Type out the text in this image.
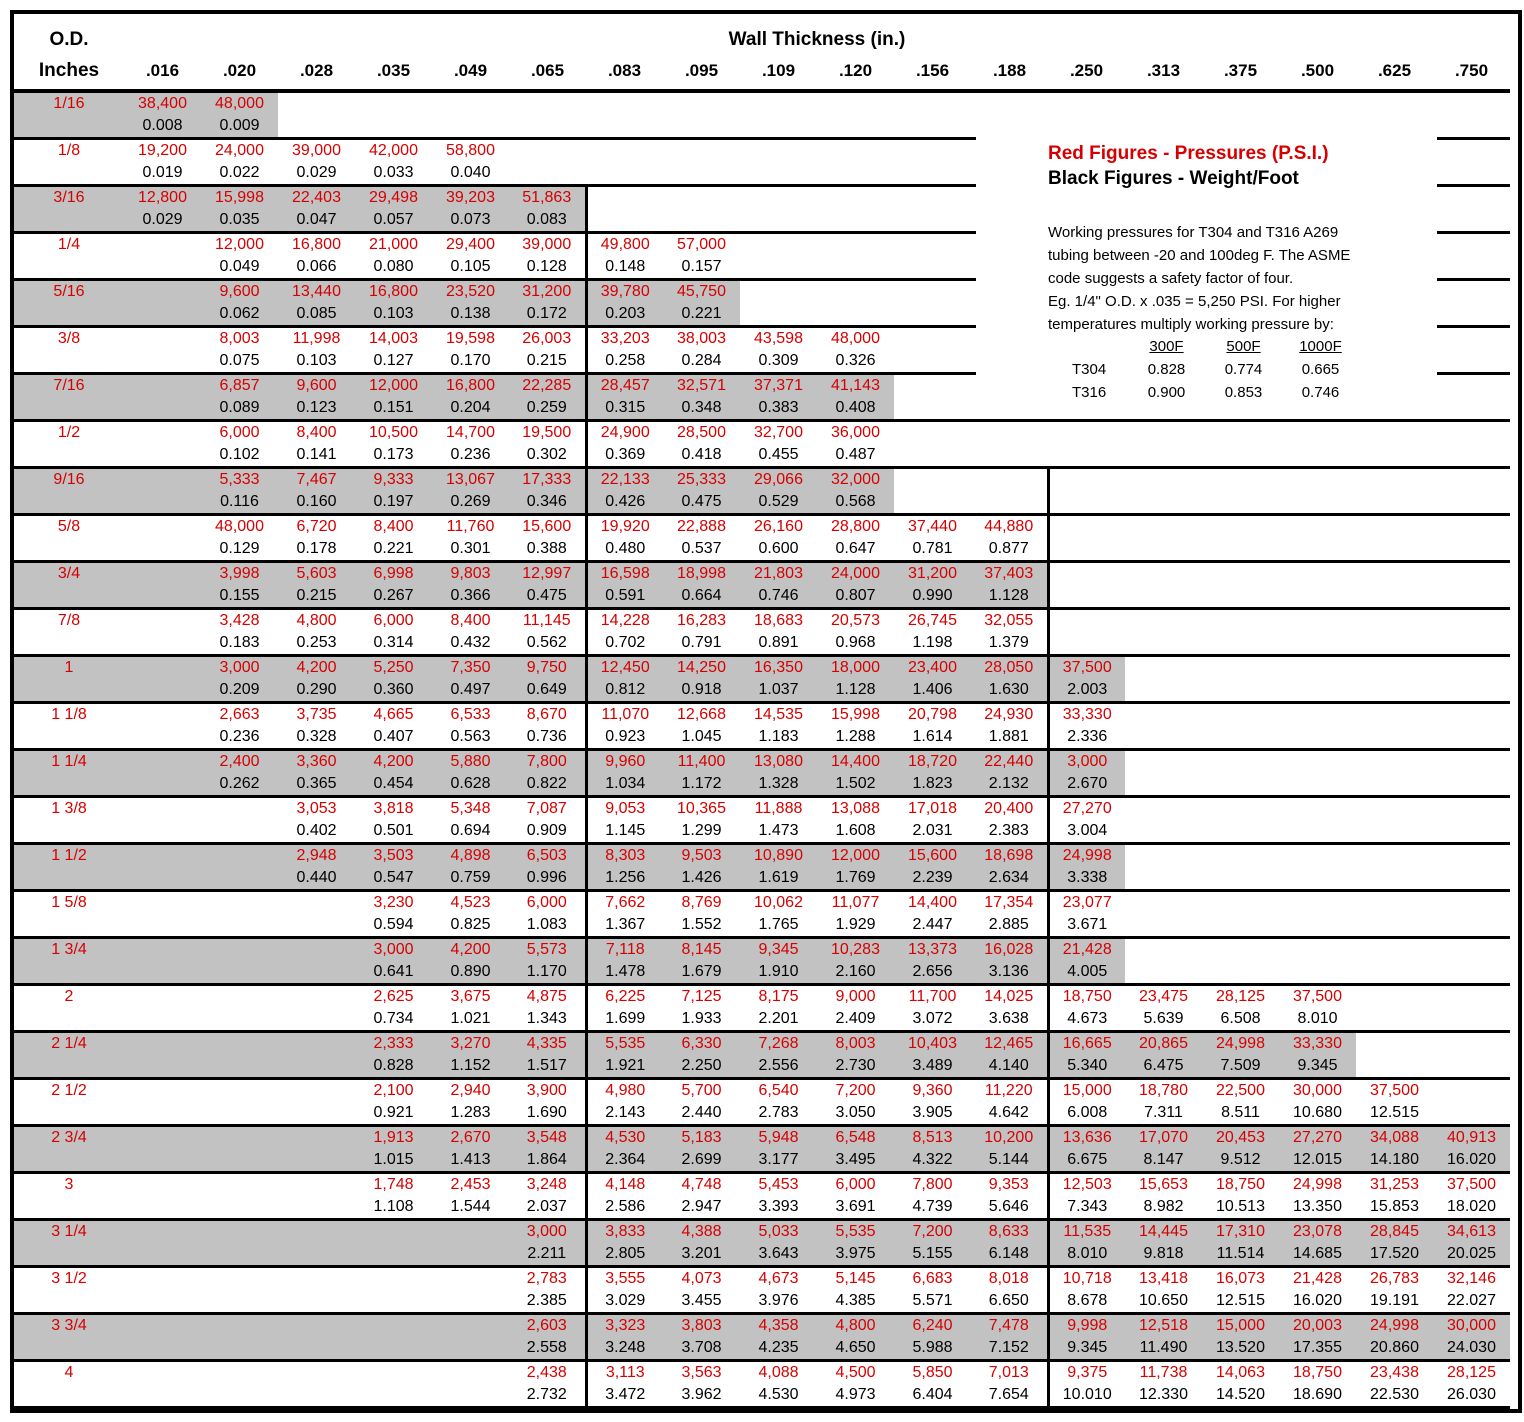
O.D.	Wall Thickness (in.)																	
Inches	.016	.020	.028	.035	.049	.065	.083	.095	.109	.120	.156	.188	.250	.313	.375	.500	.625	.750
1/16	38,400	48,000																
	0.008	0.009																
1/8	19,200	24,000	39,000	42,000	58,800													
	0.019	0.022	0.029	0.033	0.040													
3/16	12,800	15,998	22,403	29,498	39,203	51,863												
	0.029	0.035	0.047	0.057	0.073	0.083												
1/4		12,000	16,800	21,000	29,400	39,000	49,800	57,000										
		0.049	0.066	0.080	0.105	0.128	0.148	0.157										
5/16		9,600	13,440	16,800	23,520	31,200	39,780	45,750										
		0.062	0.085	0.103	0.138	0.172	0.203	0.221										
3/8		8,003	11,998	14,003	19,598	26,003	33,203	38,003	43,598	48,000								
		0.075	0.103	0.127	0.170	0.215	0.258	0.284	0.309	0.326								
7/16		6,857	9,600	12,000	16,800	22,285	28,457	32,571	37,371	41,143								
		0.089	0.123	0.151	0.204	0.259	0.315	0.348	0.383	0.408								
1/2		6,000	8,400	10,500	14,700	19,500	24,900	28,500	32,700	36,000								
		0.102	0.141	0.173	0.236	0.302	0.369	0.418	0.455	0.487								
9/16		5,333	7,467	9,333	13,067	17,333	22,133	25,333	29,066	32,000								
		0.116	0.160	0.197	0.269	0.346	0.426	0.475	0.529	0.568								
5/8		48,000	6,720	8,400	11,760	15,600	19,920	22,888	26,160	28,800	37,440	44,880						
		0.129	0.178	0.221	0.301	0.388	0.480	0.537	0.600	0.647	0.781	0.877						
3/4		3,998	5,603	6,998	9,803	12,997	16,598	18,998	21,803	24,000	31,200	37,403						
		0.155	0.215	0.267	0.366	0.475	0.591	0.664	0.746	0.807	0.990	1.128						
7/8		3,428	4,800	6,000	8,400	11,145	14,228	16,283	18,683	20,573	26,745	32,055						
		0.183	0.253	0.314	0.432	0.562	0.702	0.791	0.891	0.968	1.198	1.379						
1		3,000	4,200	5,250	7,350	9,750	12,450	14,250	16,350	18,000	23,400	28,050	37,500					
		0.209	0.290	0.360	0.497	0.649	0.812	0.918	1.037	1.128	1.406	1.630	2.003					
1 1/8		2,663	3,735	4,665	6,533	8,670	11,070	12,668	14,535	15,998	20,798	24,930	33,330					
		0.236	0.328	0.407	0.563	0.736	0.923	1.045	1.183	1.288	1.614	1.881	2.336					
1 1/4		2,400	3,360	4,200	5,880	7,800	9,960	11,400	13,080	14,400	18,720	22,440	3,000					
		0.262	0.365	0.454	0.628	0.822	1.034	1.172	1.328	1.502	1.823	2.132	2.670					
1 3/8			3,053	3,818	5,348	7,087	9,053	10,365	11,888	13,088	17,018	20,400	27,270					
			0.402	0.501	0.694	0.909	1.145	1.299	1.473	1.608	2.031	2.383	3.004					
1 1/2			2,948	3,503	4,898	6,503	8,303	9,503	10,890	12,000	15,600	18,698	24,998					
			0.440	0.547	0.759	0.996	1.256	1.426	1.619	1.769	2.239	2.634	3.338					
1 5/8				3,230	4,523	6,000	7,662	8,769	10,062	11,077	14,400	17,354	23,077					
				0.594	0.825	1.083	1.367	1.552	1.765	1.929	2.447	2.885	3.671					
1 3/4				3,000	4,200	5,573	7,118	8,145	9,345	10,283	13,373	16,028	21,428					
				0.641	0.890	1.170	1.478	1.679	1.910	2.160	2.656	3.136	4.005					
2				2,625	3,675	4,875	6,225	7,125	8,175	9,000	11,700	14,025	18,750	23,475	28,125	37,500		
				0.734	1.021	1.343	1.699	1.933	2.201	2.409	3.072	3.638	4.673	5.639	6.508	8.010		
2 1/4				2,333	3,270	4,335	5,535	6,330	7,268	8,003	10,403	12,465	16,665	20,865	24,998	33,330		
				0.828	1.152	1.517	1.921	2.250	2.556	2.730	3.489	4.140	5.340	6.475	7.509	9.345		
2 1/2				2,100	2,940	3,900	4,980	5,700	6,540	7,200	9,360	11,220	15,000	18,780	22,500	30,000	37,500	
				0.921	1.283	1.690	2.143	2.440	2.783	3.050	3.905	4.642	6.008	7.311	8.511	10.680	12.515	
2 3/4				1,913	2,670	3,548	4,530	5,183	5,948	6,548	8,513	10,200	13,636	17,070	20,453	27,270	34,088	40,913
				1.015	1.413	1.864	2.364	2.699	3.177	3.495	4.322	5.144	6.675	8.147	9.512	12.015	14.180	16.020
3				1,748	2,453	3,248	4,148	4,748	5,453	6,000	7,800	9,353	12,503	15,653	18,750	24,998	31,253	37,500
				1.108	1.544	2.037	2.586	2.947	3.393	3.691	4.739	5.646	7.343	8.982	10.513	13.350	15.853	18.020
3 1/4						3,000	3,833	4,388	5,033	5,535	7,200	8,633	11,535	14,445	17,310	23,078	28,845	34,613
						2.211	2.805	3.201	3.643	3.975	5.155	6.148	8.010	9.818	11.514	14.685	17.520	20.025
3 1/2						2,783	3,555	4,073	4,673	5,145	6,683	8,018	10,718	13,418	16,073	21,428	26,783	32,146
						2.385	3.029	3.455	3.976	4.385	5.571	6.650	8.678	10.650	12.515	16.020	19.191	22.027
3 3/4						2,603	3,323	3,803	4,358	4,800	6,240	7,478	9,998	12,518	15,000	20,003	24,998	30,000
						2.558	3.248	3.708	4.235	4.650	5.988	7.152	9.345	11.490	13.520	17.355	20.860	24.030
4						2,438	3,113	3,563	4,088	4,500	5,850	7,013	9,375	11,738	14,063	18,750	23,438	28,125
						2.732	3.472	3.962	4.530	4.973	6.404	7.654	10.010	12.330	14.520	18.690	22.530	26.030
Red Figures - Pressures (P.S.I.)
Black Figures - Weight/Foot
Working pressures for T304 and T316 A269
tubing between -20 and 100deg F. The ASME
code suggests a safety factor of four.
Eg. 1/4" O.D. x .035 = 5,250 PSI. For higher
temperatures multiply working pressure by:
300F	500F	1000F
T304	0.828	0.774	0.665
T316	0.900	0.853	0.746
